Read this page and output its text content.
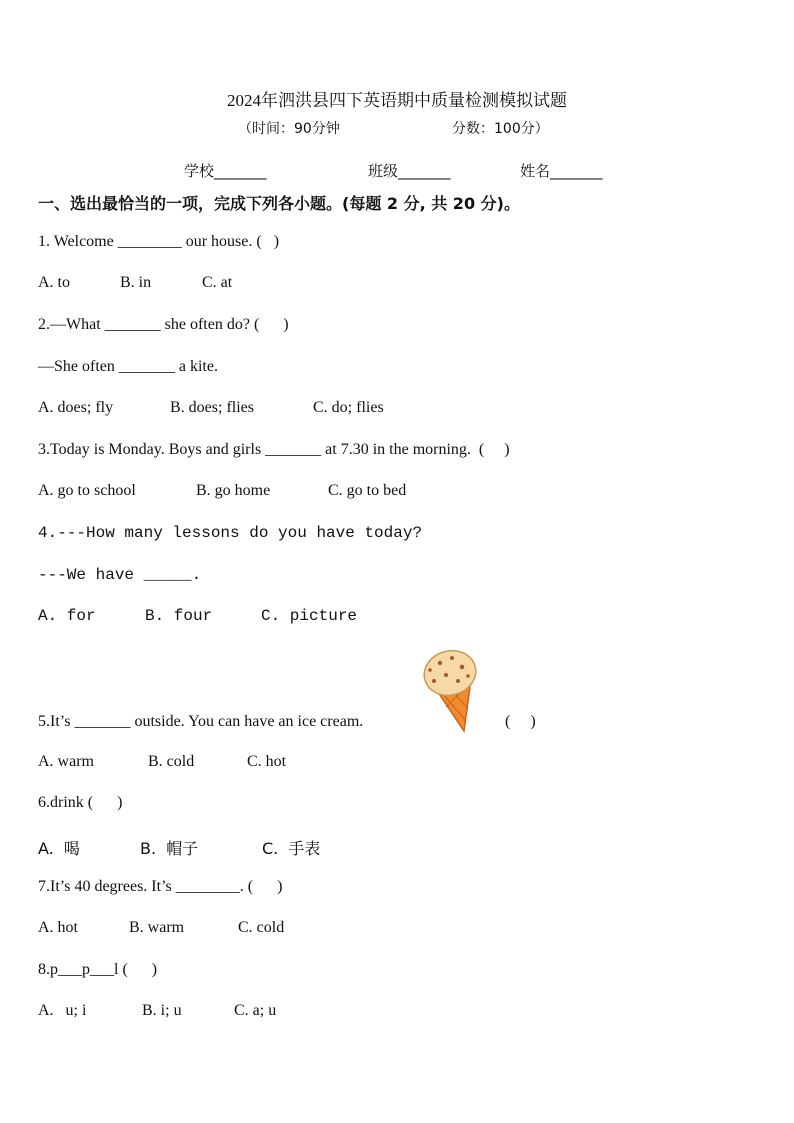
2024年泗洪县四下英语期中质量检测模拟试题
（时间：90分钟	分数：100分）
学校_______	班级_______	姓名_______
一、选出最恰当的一项，完成下列各小题。(每题 2 分, 共 20 分)。
1. Welcome ________ our house. (   )
A. to	B. in	C. at
2.—What _______ she often do? (      )
—She often _______ a kite.
A. does; fly	B. does; flies	C. do; flies
3.Today is Monday. Boys and girls _______ at 7.30 in the morning.  (     )
A. go to school	B. go home	C. go to bed
4.---How many lessons do you have today?
---We have _____.
A. for	B. four	C. picture
5.It’s _______ outside. You can have an ice cream.	(     )
A. warm	B. cold	C. hot
6.drink (      )
A.  喝	B.  帽子	C.  手表
7.It’s 40 degrees. It’s ________. (      )
A. hot	B. warm	C. cold
8.p___p___l (      )
A.   u; i	B. i; u	C. a; u
